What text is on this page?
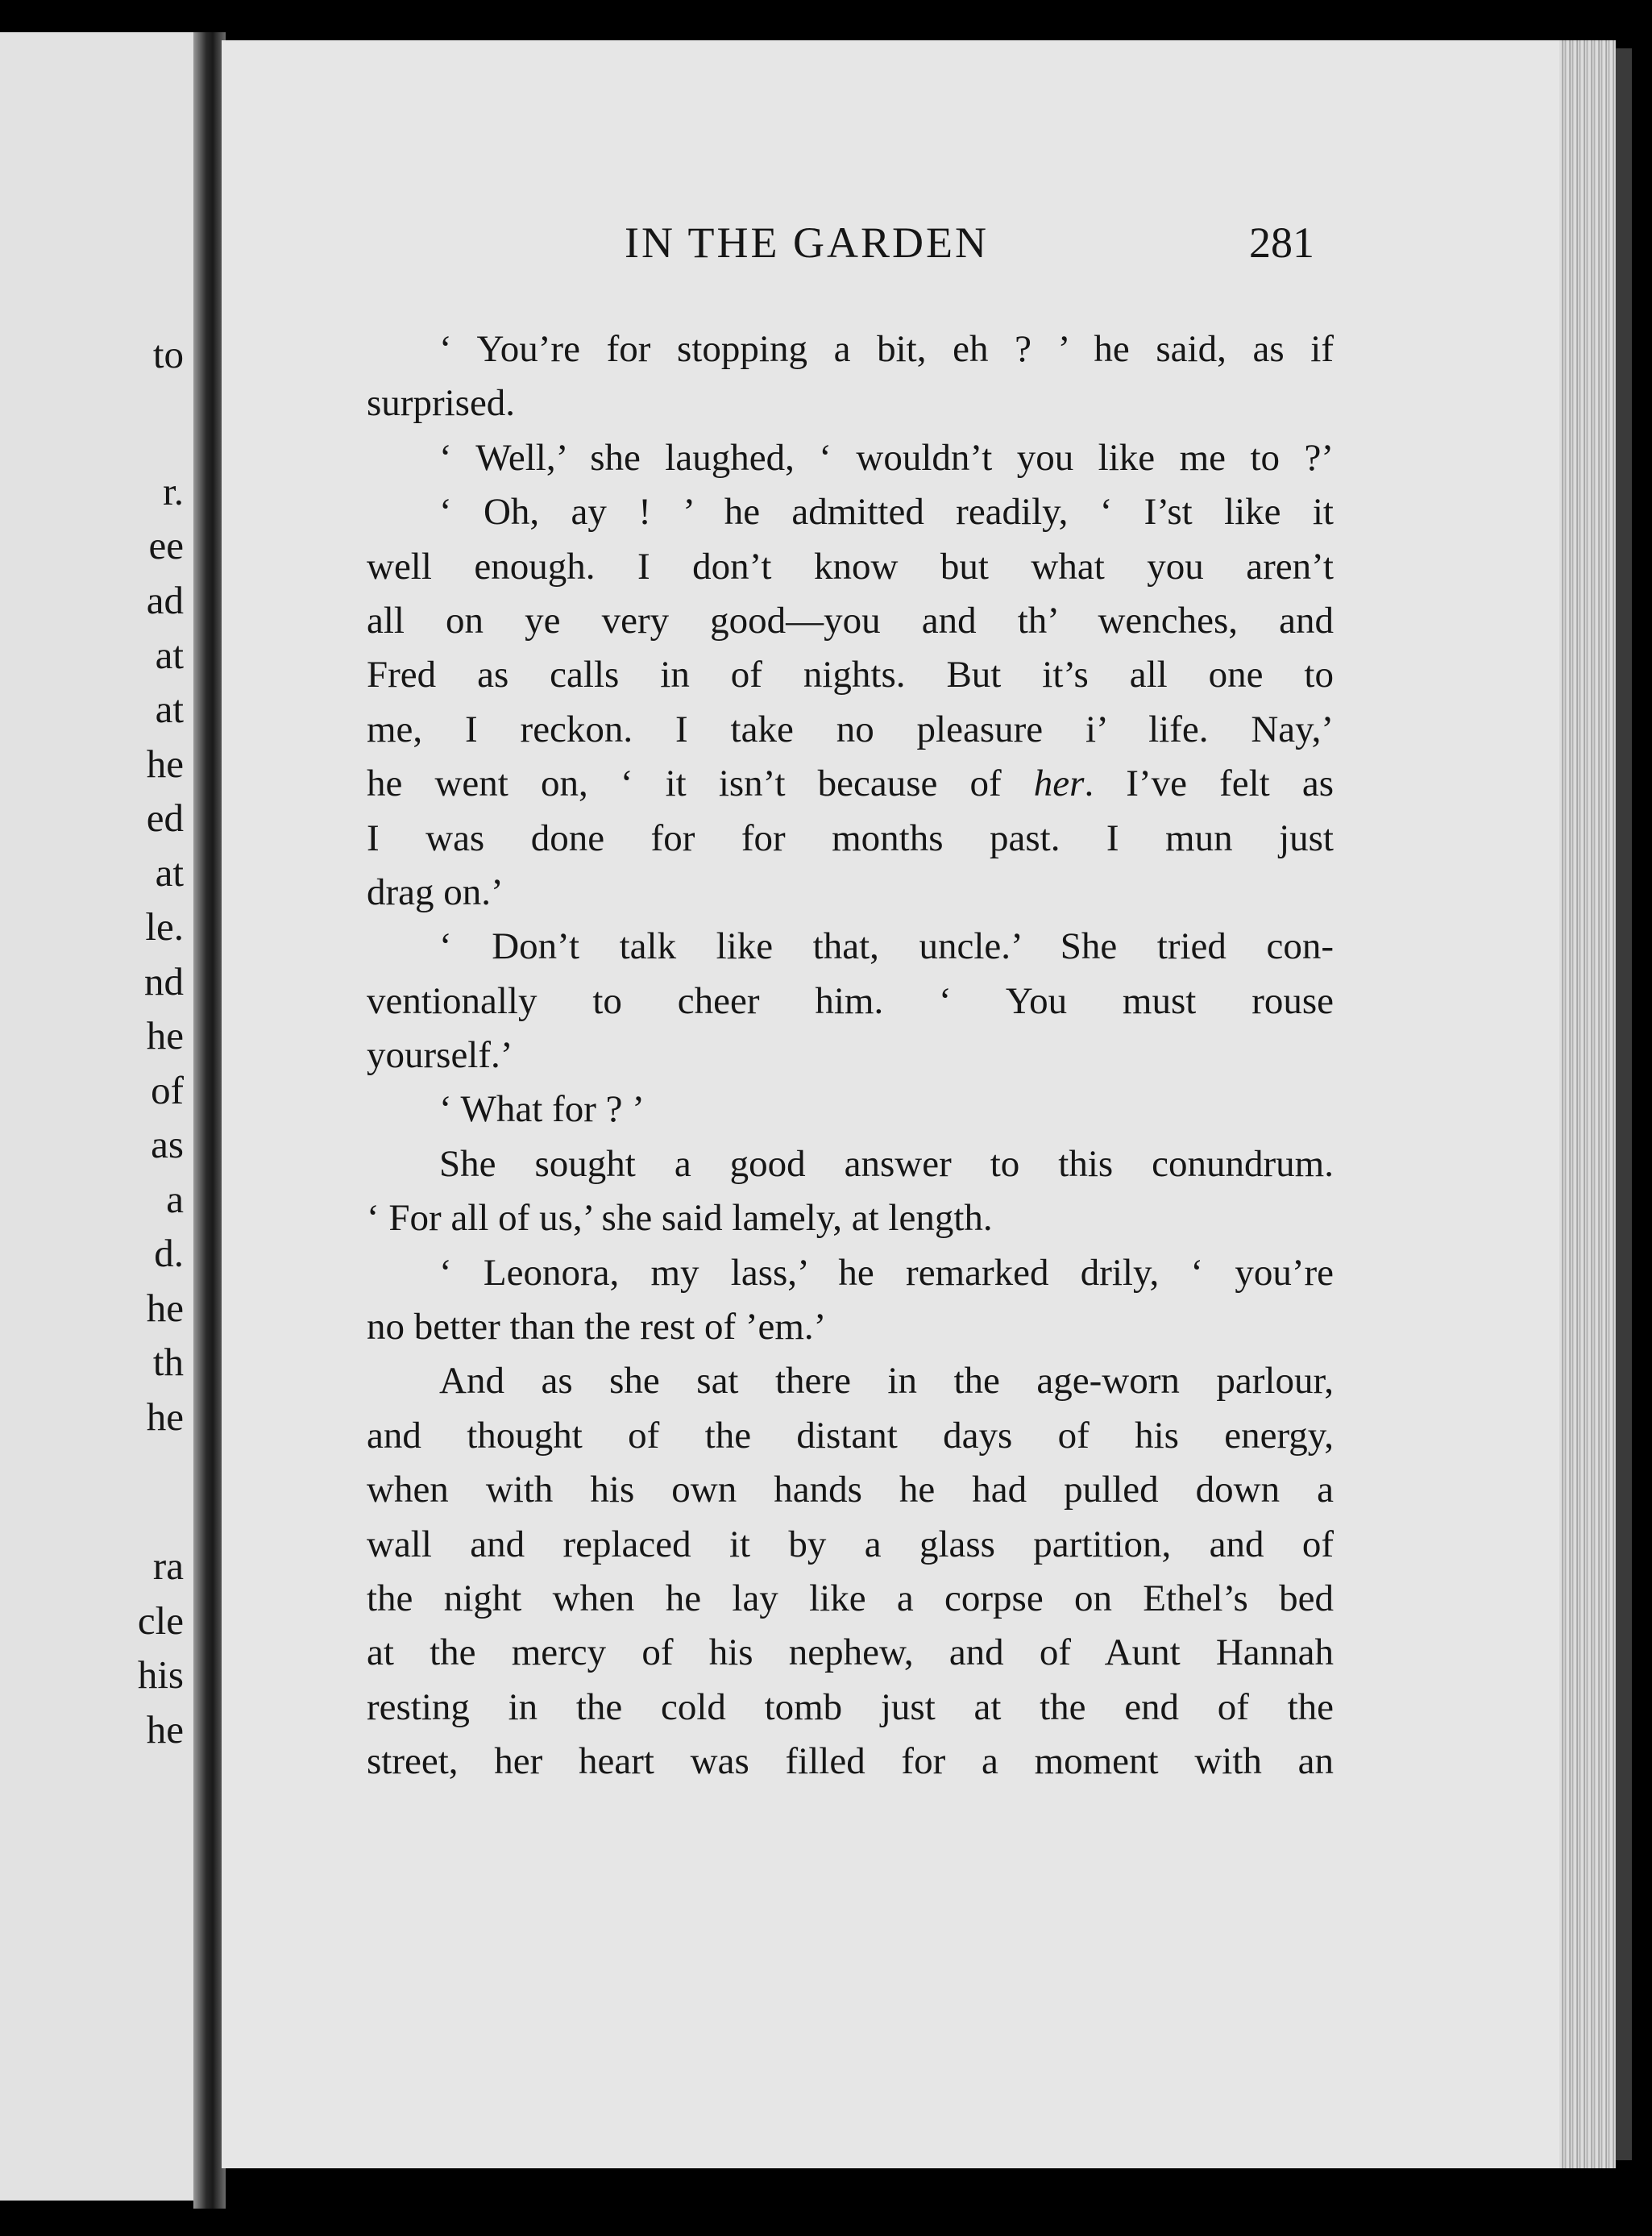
to
r.
ee
ad
at
at
he
ed
at
le.
nd
he
of
as
a
d.
he
th
he
ra
cle
his
he
IN THE GARDEN	281
‘ You’re for stopping a bit, eh ? ’ he said, as if
surprised.
‘ Well,’ she laughed, ‘ wouldn’t you like me to ?’
‘ Oh, ay ! ’ he admitted readily, ‘ I’st like it
well enough. I don’t know but what you aren’t
all on ye very good—you and th’ wenches, and
Fred as calls in of nights. But it’s all one to
me, I reckon. I take no pleasure i’ life. Nay,’
he went on, ‘ it isn’t because of her. I’ve felt as
I was done for for months past. I mun just
drag on.’
‘ Don’t talk like that, uncle.’ She tried con-
ventionally to cheer him. ‘ You must rouse
yourself.’
‘ What for ? ’
She sought a good answer to this conundrum.
‘ For all of us,’ she said lamely, at length.
‘ Leonora, my lass,’ he remarked drily, ‘ you’re
no better than the rest of ’em.’
And as she sat there in the age-worn parlour,
and thought of the distant days of his energy,
when with his own hands he had pulled down a
wall and replaced it by a glass partition, and of
the night when he lay like a corpse on Ethel’s bed
at the mercy of his nephew, and of Aunt Hannah
resting in the cold tomb just at the end of the
street, her heart was filled for a moment with an
